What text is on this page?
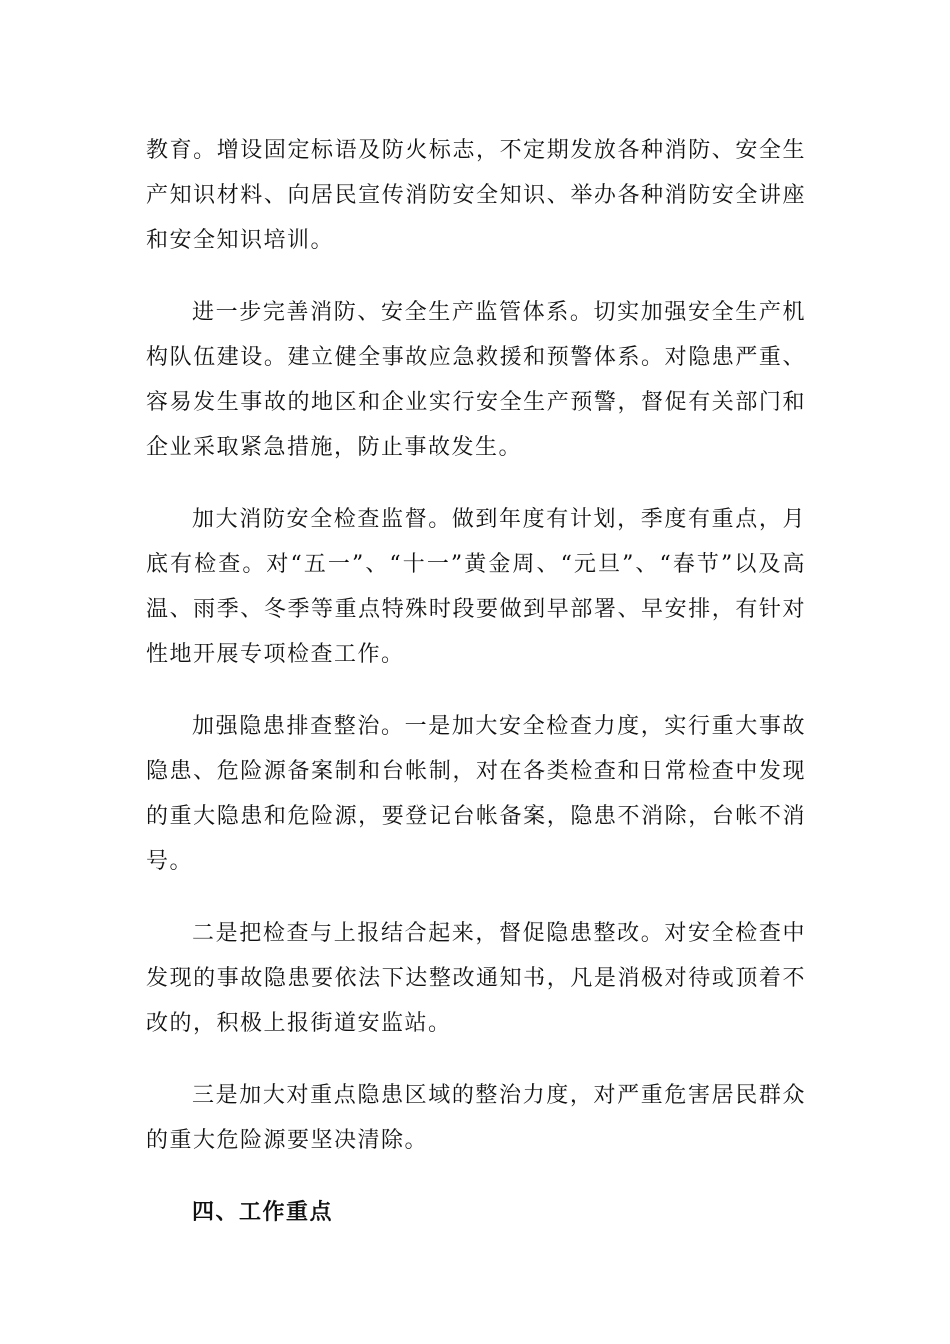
教育。增设固定标语及防火标志，不定期发放各种消防、安全生产知识材料、向居民宣传消防安全知识、举办各种消防安全讲座和安全知识培训。

进一步完善消防、安全生产监管体系。切实加强安全生产机构队伍建设。建立健全事故应急救援和预警体系。对隐患严重、容易发生事故的地区和企业实行安全生产预警，督促有关部门和企业采取紧急措施，防止事故发生。

加大消防安全检查监督。做到年度有计划，季度有重点，月底有检查。对“五一”、“十一”黄金周、“元旦”、“春节”以及高温、雨季、冬季等重点特殊时段要做到早部署、早安排，有针对性地开展专项检查工作。

加强隐患排查整治。一是加大安全检查力度，实行重大事故隐患、危险源备案制和台帐制，对在各类检查和日常检查中发现的重大隐患和危险源，要登记台帐备案，隐患不消除，台帐不消号。

二是把检查与上报结合起来，督促隐患整改。对安全检查中发现的事故隐患要依法下达整改通知书，凡是消极对待或顶着不改的，积极上报街道安监站。

三是加大对重点隐患区域的整治力度，对严重危害居民群众的重大危险源要坚决清除。

四、工作重点
